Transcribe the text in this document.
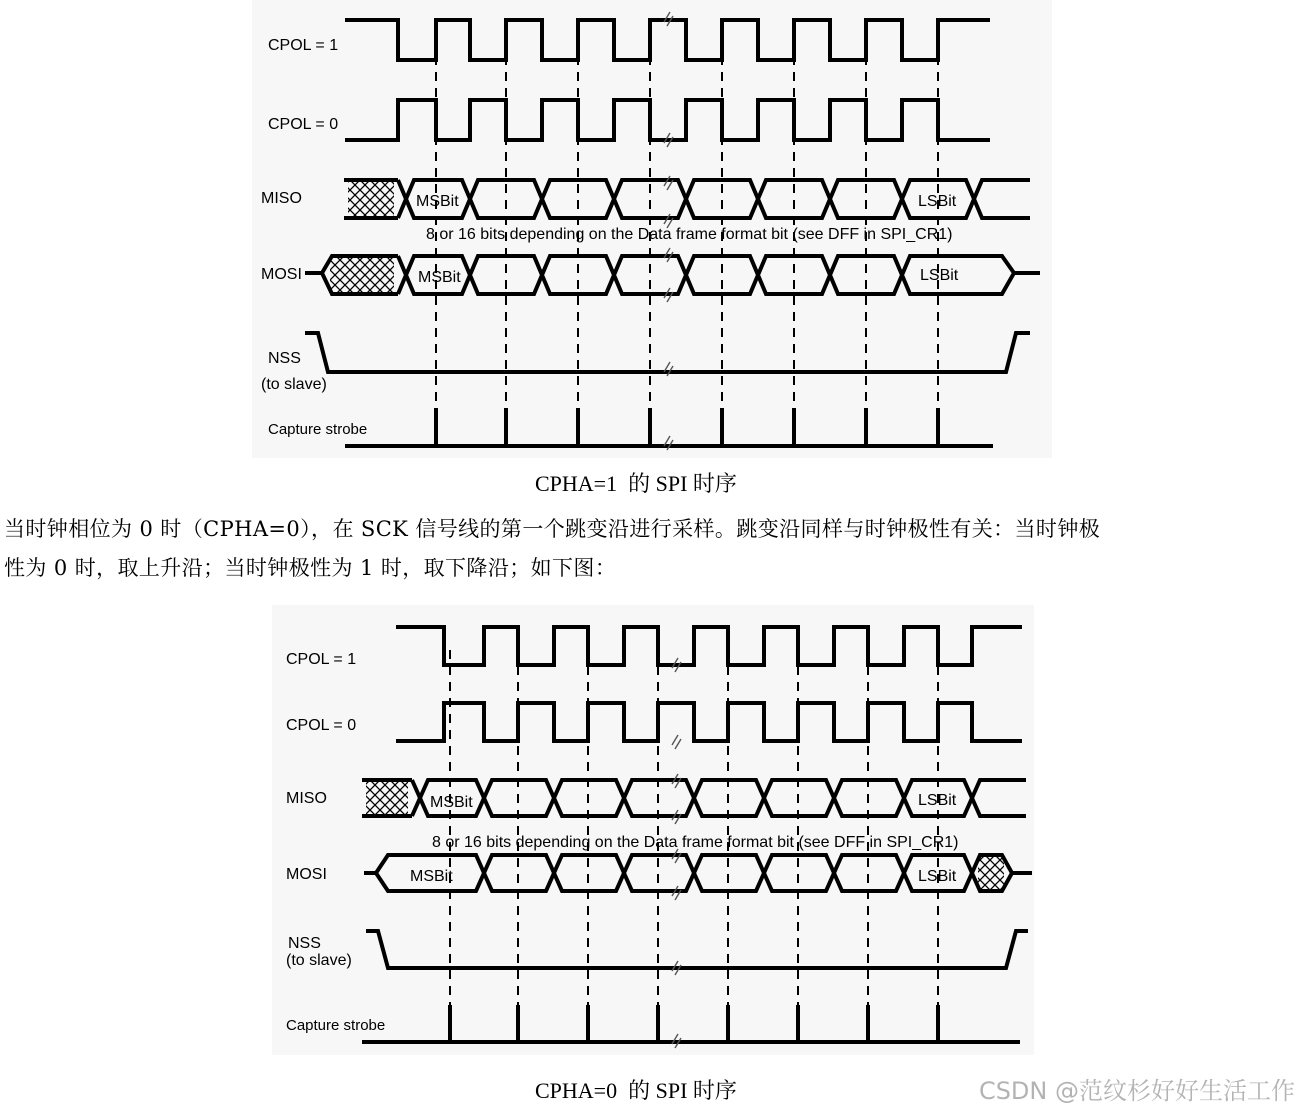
CPOL = 1
CPOL = 0
MISO
MOSI
NSS
(to slave)
Capture strobe
MSBit	LSBit
8 or 16 bits depending on the Data frame format bit (see DFF in SPI_CR1)
MSBit	LSBit
CPOL = 1
CPOL = 0
MISO
MOSI
NSS
(to slave)
Capture strobe
MSBit	LSBit
8 or 16 bits depending on the Data frame format bit (see DFF in SPI_CR1)
MSBit	LSBit
CPHA=1  的 SPI 时序
当时钟相位为 0 时（CPHA=0），在 SCK 信号线的第一个跳变沿进行采样。跳变沿同样与时钟极性有关：当时钟极
性为 0 时，取上升沿；当时钟极性为 1 时，取下降沿；如下图：
CPHA=0  的 SPI 时序	CSDN @范纹杉好好生活工作
